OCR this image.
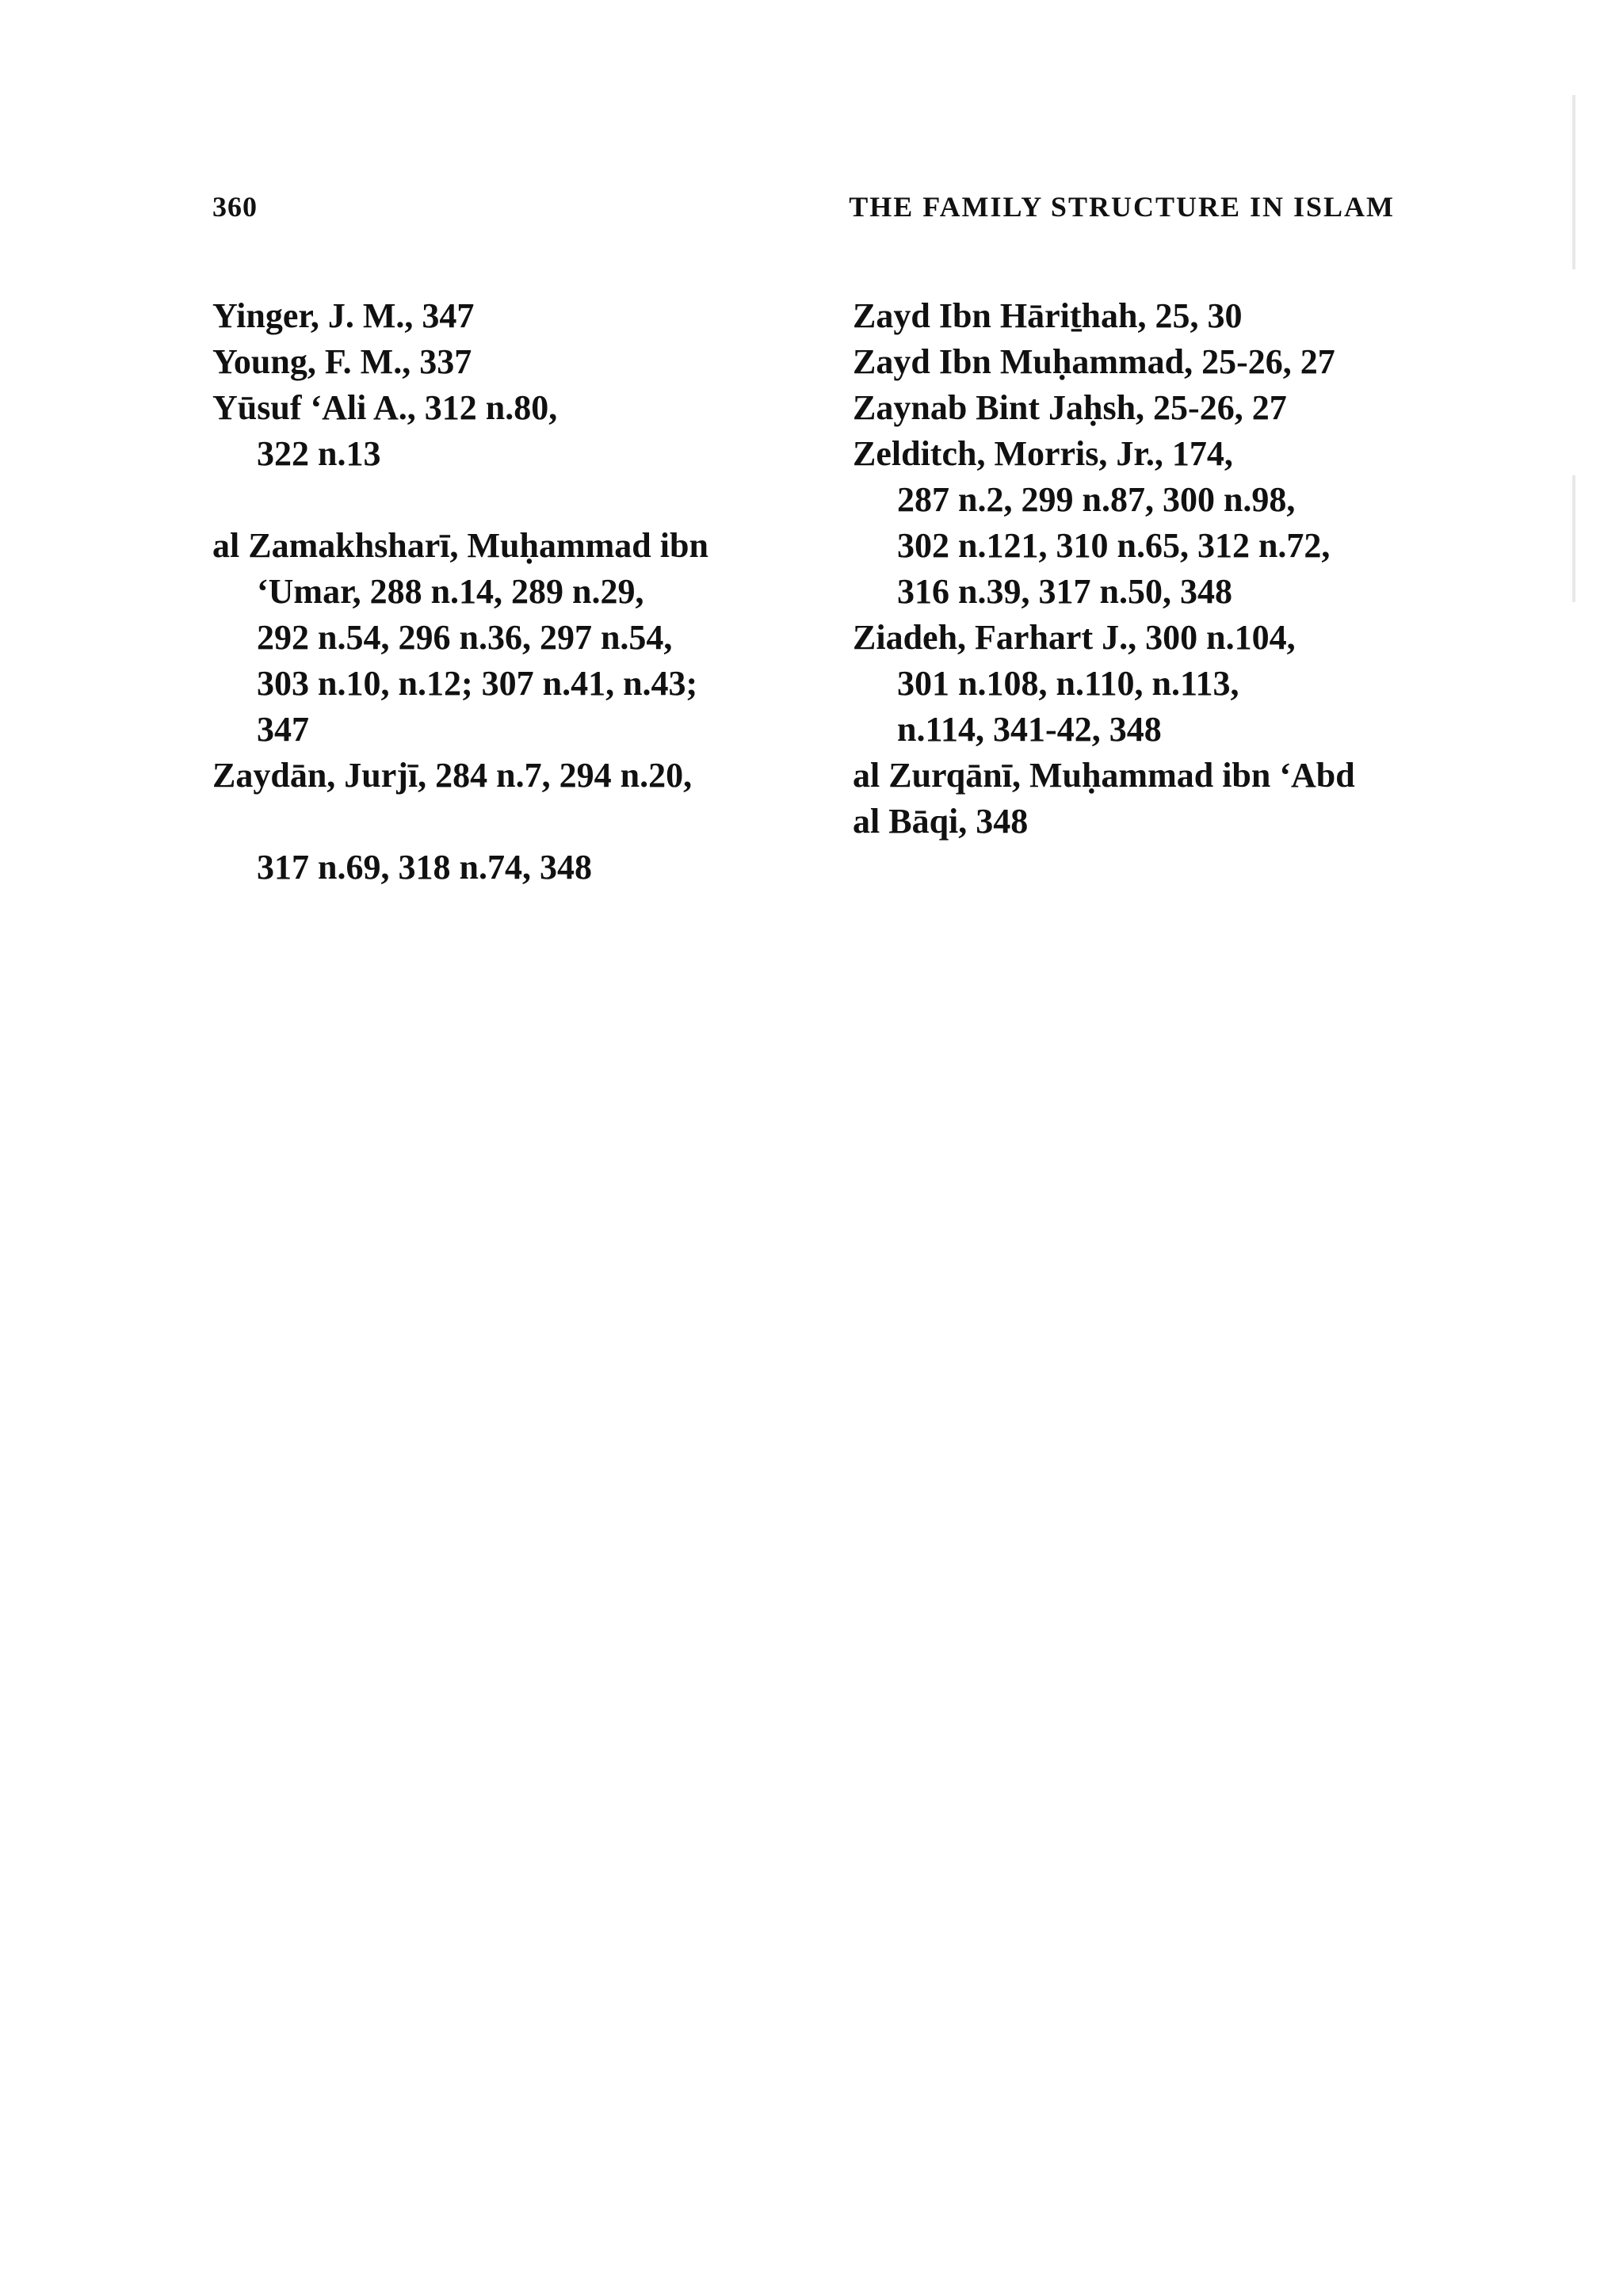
360	THE FAMILY STRUCTURE IN ISLAM

Yinger, J. M., 347

Young, F. M., 337

Yūsuf ‘Ali A., 312 n.80,
322 n.13

al Zamakhsharī, Muḥammad ibn
‘Umar, 288 n.14, 289 n.29,
292 n.54, 296 n.36, 297 n.54,
303 n.10, n.12; 307 n.41, n.43;
347

Zaydān, Jurjī, 284 n.7, 294 n.20,
317 n.69, 318 n.74, 348

Zayd Ibn Hāriṯhah, 25, 30

Zayd Ibn Muḥammad, 25-26, 27

Zaynab Bint Jaḥsh, 25-26, 27

Zelditch, Morris, Jr., 174,
287 n.2, 299 n.87, 300 n.98,
302 n.121, 310 n.65, 312 n.72,
316 n.39, 317 n.50, 348

Ziadeh, Farhart J., 300 n.104,
301 n.108, n.110, n.113,
n.114, 341-42, 348

al Zurqānī, Muḥammad ibn ‘Abd
al Bāqi, 348
